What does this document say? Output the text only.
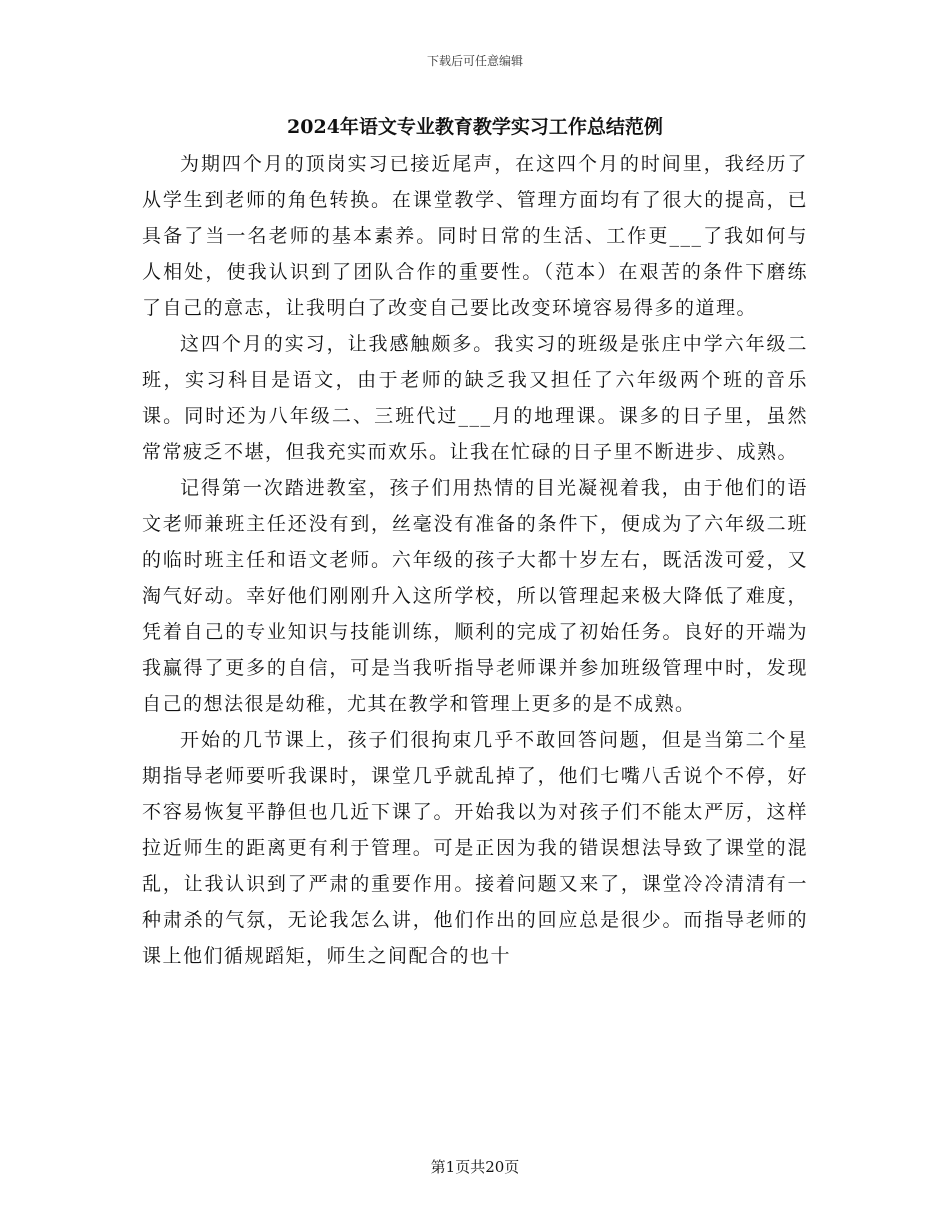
下载后可任意编辑
2024年语文专业教育教学实习工作总结范例

为期四个月的顶岗实习已接近尾声，在这四个月的时间里，我经历了从学生到老师的角色转换。在课堂教学、管理方面均有了很大的提高，已具备了当一名老师的基本素养。同时日常的生活、工作更___了我如何与人相处，使我认识到了团队合作的重要性。（范本）在艰苦的条件下磨练了自己的意志，让我明白了改变自己要比改变环境容易得多的道理。

这四个月的实习，让我感触颇多。我实习的班级是张庄中学六年级二班，实习科目是语文，由于老师的缺乏我又担任了六年级两个班的音乐课。同时还为八年级二、三班代过___月的地理课。课多的日子里，虽然常常疲乏不堪，但我充实而欢乐。让我在忙碌的日子里不断进步、成熟。

记得第一次踏进教室，孩子们用热情的目光凝视着我，由于他们的语文老师兼班主任还没有到，丝毫没有准备的条件下，便成为了六年级二班的临时班主任和语文老师。六年级的孩子大都十岁左右，既活泼可爱，又淘气好动。幸好他们刚刚升入这所学校，所以管理起来极大降低了难度，凭着自己的专业知识与技能训练，顺利的完成了初始任务。良好的开端为我赢得了更多的自信，可是当我听指导老师课并参加班级管理中时，发现自己的想法很是幼稚，尤其在教学和管理上更多的是不成熟。

开始的几节课上，孩子们很拘束几乎不敢回答问题，但是当第二个星期指导老师要听我课时，课堂几乎就乱掉了，他们七嘴八舌说个不停，好不容易恢复平静但也几近下课了。开始我以为对孩子们不能太严厉，这样拉近师生的距离更有利于管理。可是正因为我的错误想法导致了课堂的混乱，让我认识到了严肃的重要作用。接着问题又来了，课堂冷冷清清有一种肃杀的气氛，无论我怎么讲，他们作出的回应总是很少。而指导老师的课上他们循规蹈矩，师生之间配合的也十

第1页共20页
